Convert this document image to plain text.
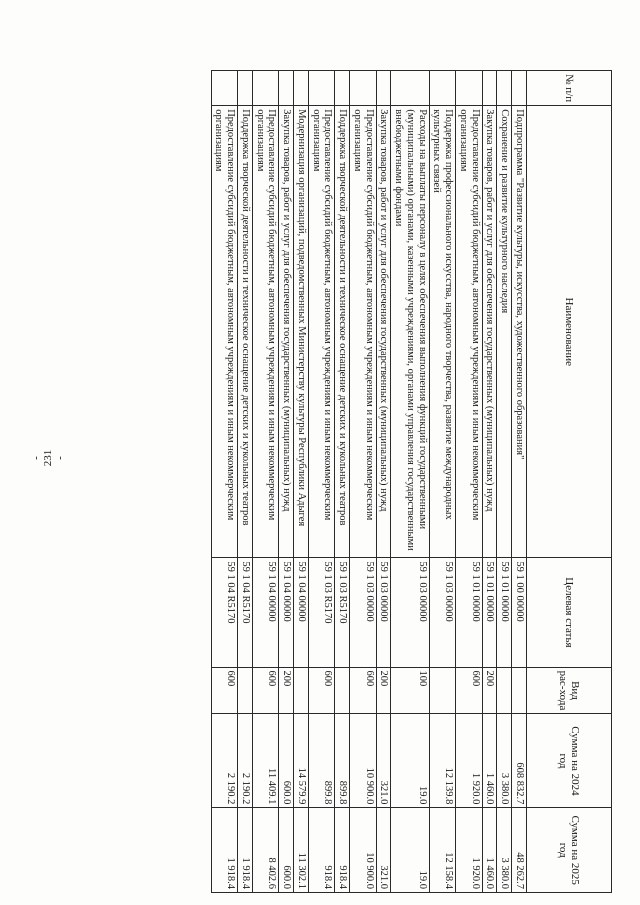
- 231 -
№ п/п	Наименование	Целевая статья	Вид рас-хода	Сумма на 2024 год	Сумма на 2025 год
	Подпрограмма "Развитие культуры, искусства, художественного образования"	59 1 00 00000		608 832.7	48 262.7
	Сохранение и развитие культурного наследия	59 1 01 00000		3 380.0	3 380.0
	Закупка товаров, работ и услуг для обеспечения государственных (муниципальных) нужд	59 1 01 00000	200	1 460.0	1 460.0
	Предоставление субсидий бюджетным, автономным учреждениям и иным некоммерческим организациям	59 1 01 00000	600	1 920.0	1 920.0
	Поддержка профессионального искусства, народного творчества, развитие международных культурных связей	59 1 03 00000		12 139.8	12 158.4
	Расходы на выплаты персоналу в целях обеспечения выполнения функций государственными (муниципальными) органами, казенными учреждениями, органами управления государственными внебюджетными фондами	59 1 03 00000	100	19.0	19.0
	Закупка товаров, работ и услуг для обеспечения государственных (муниципальных) нужд	59 1 03 00000	200	321.0	321.0
	Предоставление субсидий бюджетным, автономным учреждениям и иным некоммерческим организациям	59 1 03 00000	600	10 900.0	10 900.0
	Поддержка творческой деятельности и техническое оснащение детских и кукольных театров	59 1 03 R5170		899.8	918.4
	Предоставление субсидий бюджетным, автономным учреждениям и иным некоммерческим организациям	59 1 03 R5170	600	899.8	918.4
	Модернизация организаций, подведомственных Министерству культуры Республики Адыгея	59 1 04 00000		14 579.9	11 302.1
	Закупка товаров, работ и услуг для обеспечения государственных (муниципальных) нужд	59 1 04 00000	200	600.0	600.0
	Предоставление субсидий бюджетным, автономным учреждениям и иным некоммерческим организациям	59 1 04 00000	600	11 409.1	8 402.6
	Поддержка творческой деятельности и техническое оснащение детских и кукольных театров	59 1 04 R5170		2 190.2	1 918.4
	Предоставление субсидий бюджетным, автономным учреждениям и иным некоммерческим организациям	59 1 04 R5170	600	2 190.2	1 918.4
